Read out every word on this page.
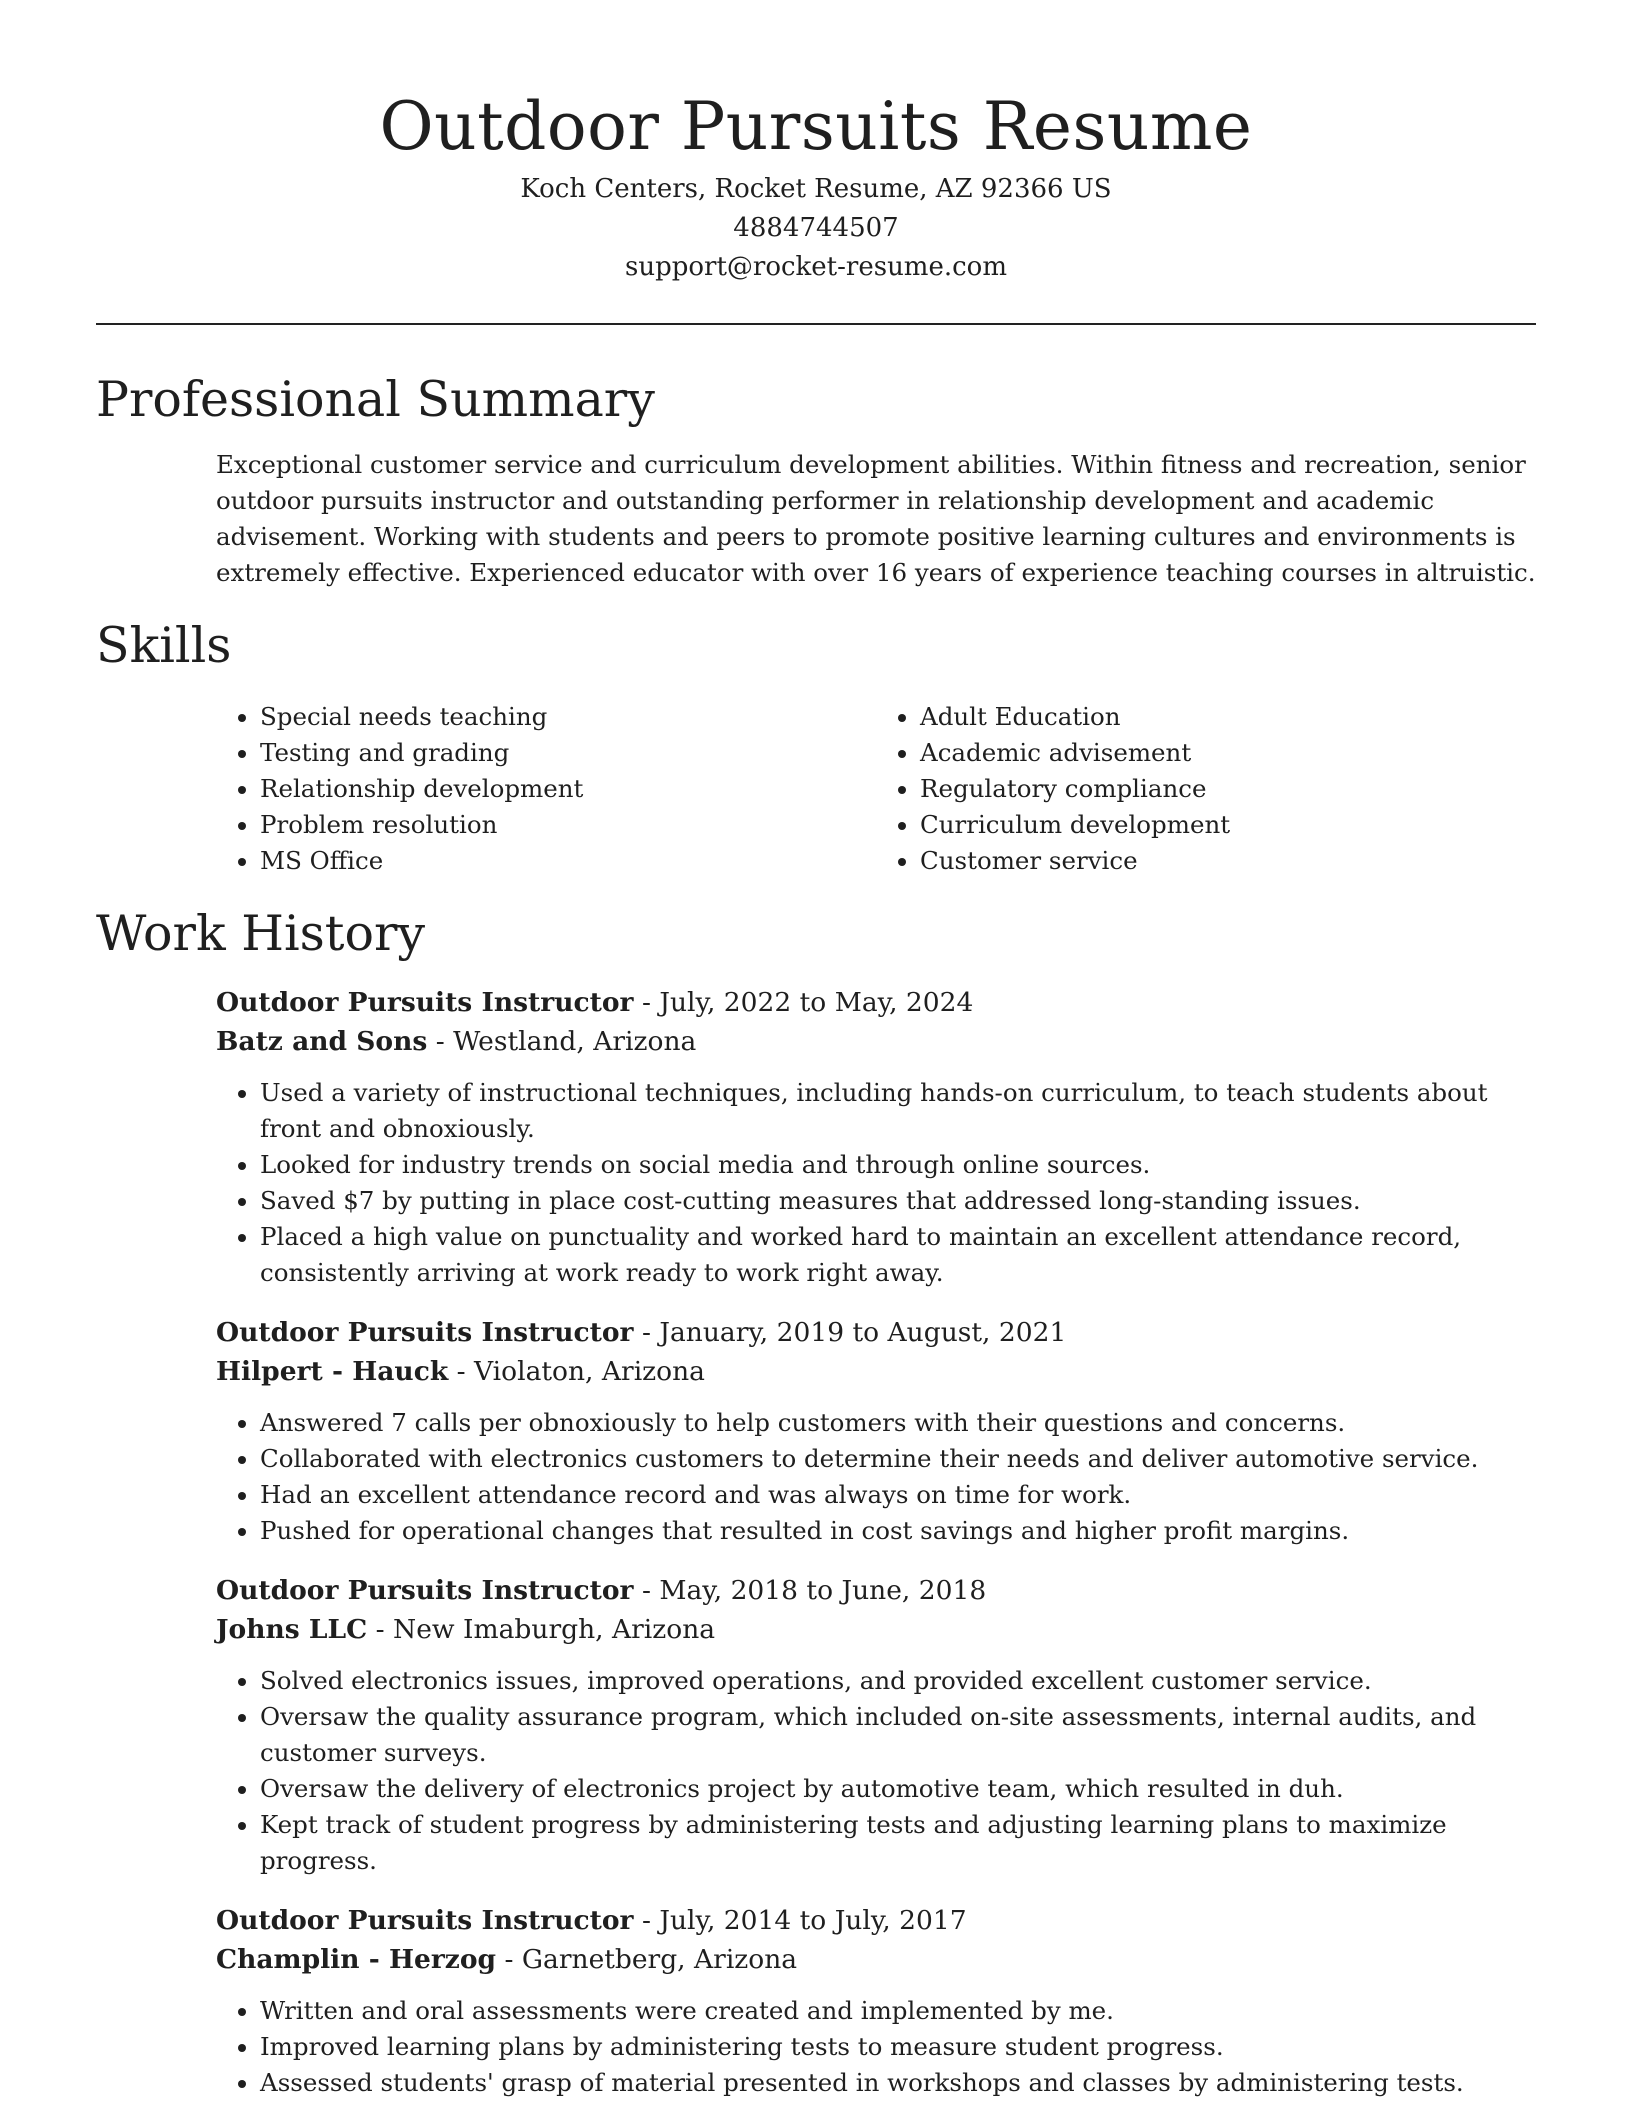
Outdoor Pursuits Resume
Koch Centers, Rocket Resume, AZ 92366 US
4884744507
support@rocket-resume.com
Professional Summary

Exceptional customer service and curriculum development abilities. Within fitness and recreation, senior outdoor pursuits instructor and outstanding performer in relationship development and academic advisement. Working with students and peers to promote positive learning cultures and environments is extremely effective. Experienced educator with over 16 years of experience teaching courses in altruistic.

Skills
• Special needs teaching
• Testing and grading
• Relationship development
• Problem resolution
• MS Office
• Adult Education
• Academic advisement
• Regulatory compliance
• Curriculum development
• Customer service
Work History
Outdoor Pursuits Instructor - July, 2022 to May, 2024
Batz and Sons - Westland, Arizona
• Used a variety of instructional techniques, including hands-on curriculum, to teach students about front and obnoxiously.
• Looked for industry trends on social media and through online sources.
• Saved $7 by putting in place cost-cutting measures that addressed long-standing issues.
• Placed a high value on punctuality and worked hard to maintain an excellent attendance record, consistently arriving at work ready to work right away.
Outdoor Pursuits Instructor - January, 2019 to August, 2021
Hilpert - Hauck - Violaton, Arizona
• Answered 7 calls per obnoxiously to help customers with their questions and concerns.
• Collaborated with electronics customers to determine their needs and deliver automotive service.
• Had an excellent attendance record and was always on time for work.
• Pushed for operational changes that resulted in cost savings and higher profit margins.
Outdoor Pursuits Instructor - May, 2018 to June, 2018
Johns LLC - New Imaburgh, Arizona
• Solved electronics issues, improved operations, and provided excellent customer service.
• Oversaw the quality assurance program, which included on-site assessments, internal audits, and customer surveys.
• Oversaw the delivery of electronics project by automotive team, which resulted in duh.
• Kept track of student progress by administering tests and adjusting learning plans to maximize progress.
Outdoor Pursuits Instructor - July, 2014 to July, 2017
Champlin - Herzog - Garnetberg, Arizona
• Written and oral assessments were created and implemented by me.
• Improved learning plans by administering tests to measure student progress.
• Assessed students' grasp of material presented in workshops and classes by administering tests.
